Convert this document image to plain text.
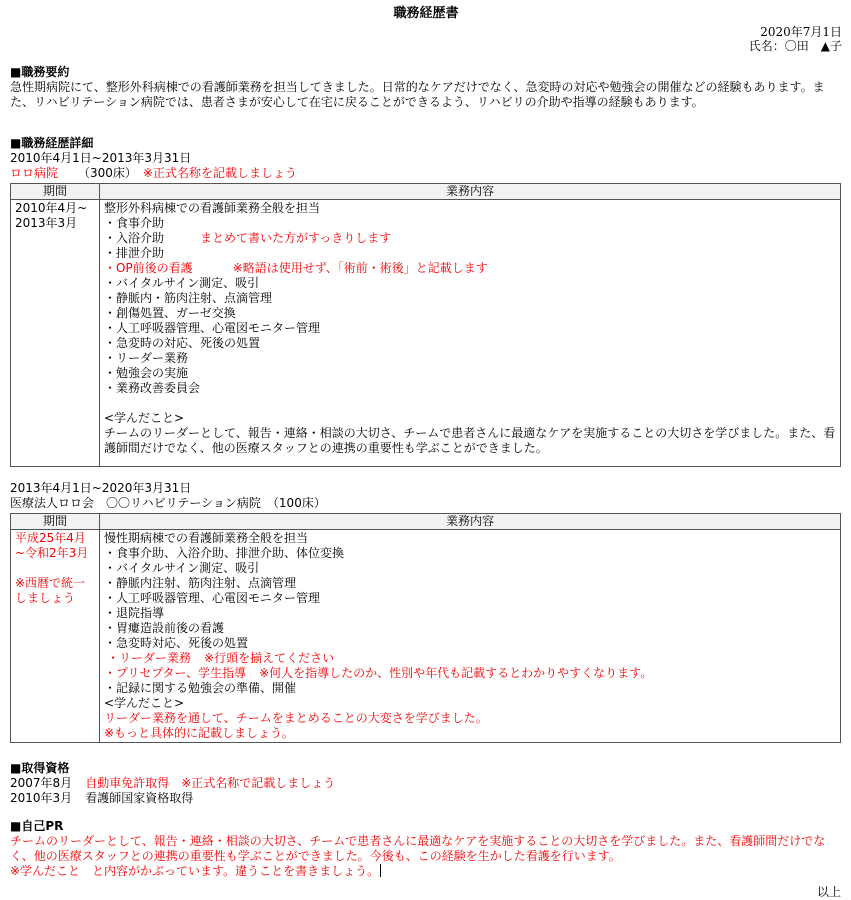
職務経歴書
2020年7月1日
氏名：〇田　▲子
■職務要約
急性期病院にて、整形外科病棟での看護師業務を担当してきました。日常的なケアだけでなく、急変時の対応や勉強会の開催などの経験もあります。また、リハビリテーション病院では、患者さまが安心して在宅に戻ることができるよう、リハビリの介助や指導の経験もあります。
■職務経歴詳細
2010年4月1日~2013年3月31日
ロロ病院 （300床） ※正式名称を記載しましょう
期間	業務内容

2010年4月~
2013年3月

整形外科病棟での看護師業務全般を担当
・食事介助
・入浴介助	まとめて書いた方がすっきりします
・排泄介助
・OP前後の看護	※略語は使用せず、「術前・術後」と記載します
・バイタルサイン測定、吸引
・静脈内・筋肉注射、点滴管理
・創傷処置、ガーゼ交換
・人工呼吸器管理、心電図モニター管理
・急変時の対応、死後の処置
・リーダー業務
・勉強会の実施
・業務改善委員会

<学んだこと>
チームのリーダーとして、報告・連絡・相談の大切さ、チームで患者さんに最適なケアを実施することの大切さを学びました。また、看護師間だけでなく、他の医療スタッフとの連携の重要性も学ぶことができました。
2013年4月1日~2020年3月31日
医療法人ロロ会　〇〇リハビリテーション病院　（100床）
期間	業務内容

平成25年4月
~令和2年3月

※西暦で統一
しましょう

慢性期病棟での看護師業務全般を担当
・食事介助、入浴介助、排泄介助、体位変換
・バイタルサイン測定、吸引
・静脈内注射、筋肉注射、点滴管理
・人工呼吸器管理、心電図モニター管理
・退院指導
・胃瘻造設前後の看護
・急変時対応、死後の処置
・リーダー業務 ※行頭を揃えてください
・プリセプター、学生指導 ※何人を指導したのか、性別や年代も記載するとわかりやすくなります。
・記録に関する勉強会の準備、開催
<学んだこと>
リーダー業務を通して、チームをまとめることの大変さを学びました。
※もっと具体的に記載しましょう。
■取得資格
2007年8月 自動車免許取得　※正式名称で記載しましょう
2010年3月 看護師国家資格取得
■自己PR
チームのリーダーとして、報告・連絡・相談の大切さ、チームで患者さんに最適なケアを実施することの大切さを学びました。また、看護師間だけでなく、他の医療スタッフとの連携の重要性も学ぶことができました。今後も、この経験を生かした看護を行います。
※学んだこと　と内容がかぶっています。違うことを書きましょう。
以上
